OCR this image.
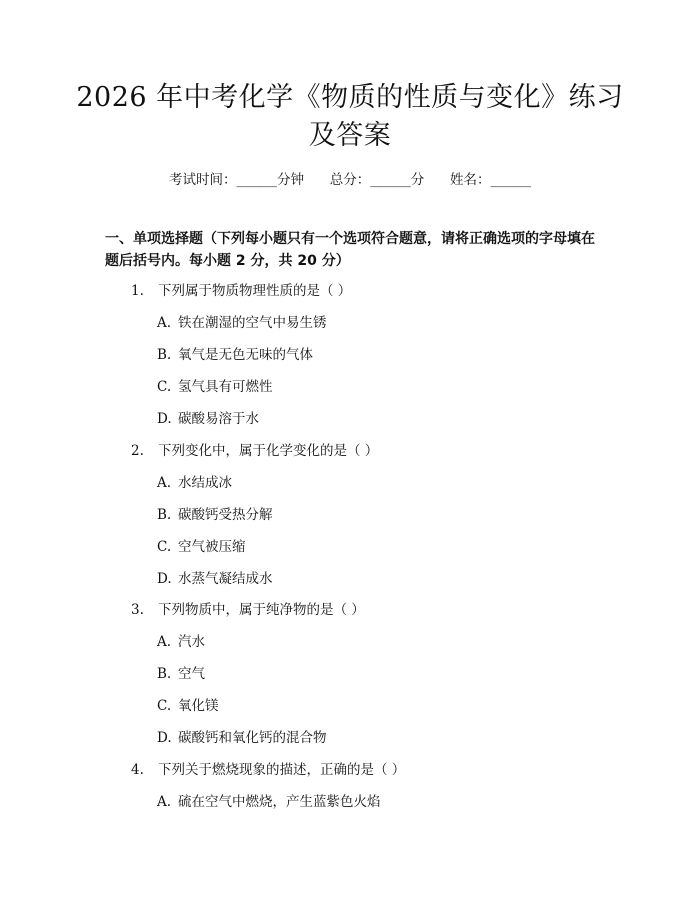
2026 年中考化学《物质的性质与变化》练习
及答案
考试时间：______分钟      总分：______分      姓名：______
一、单项选择题（下列每小题只有一个选项符合题意，请将正确选项的字母填在
题后括号内。每小题 2 分，共 20 分）
1. 下列属于物质物理性质的是（ ）
A. 铁在潮湿的空气中易生锈
B. 氧气是无色无味的气体
C. 氢气具有可燃性
D. 碳酸易溶于水
2. 下列变化中，属于化学变化的是（ ）
A. 水结成冰
B. 碳酸钙受热分解
C. 空气被压缩
D. 水蒸气凝结成水
3. 下列物质中，属于纯净物的是（ ）
A. 汽水
B. 空气
C. 氧化镁
D. 碳酸钙和氧化钙的混合物
4. 下列关于燃烧现象的描述，正确的是（ ）
A. 硫在空气中燃烧，产生蓝紫色火焰
